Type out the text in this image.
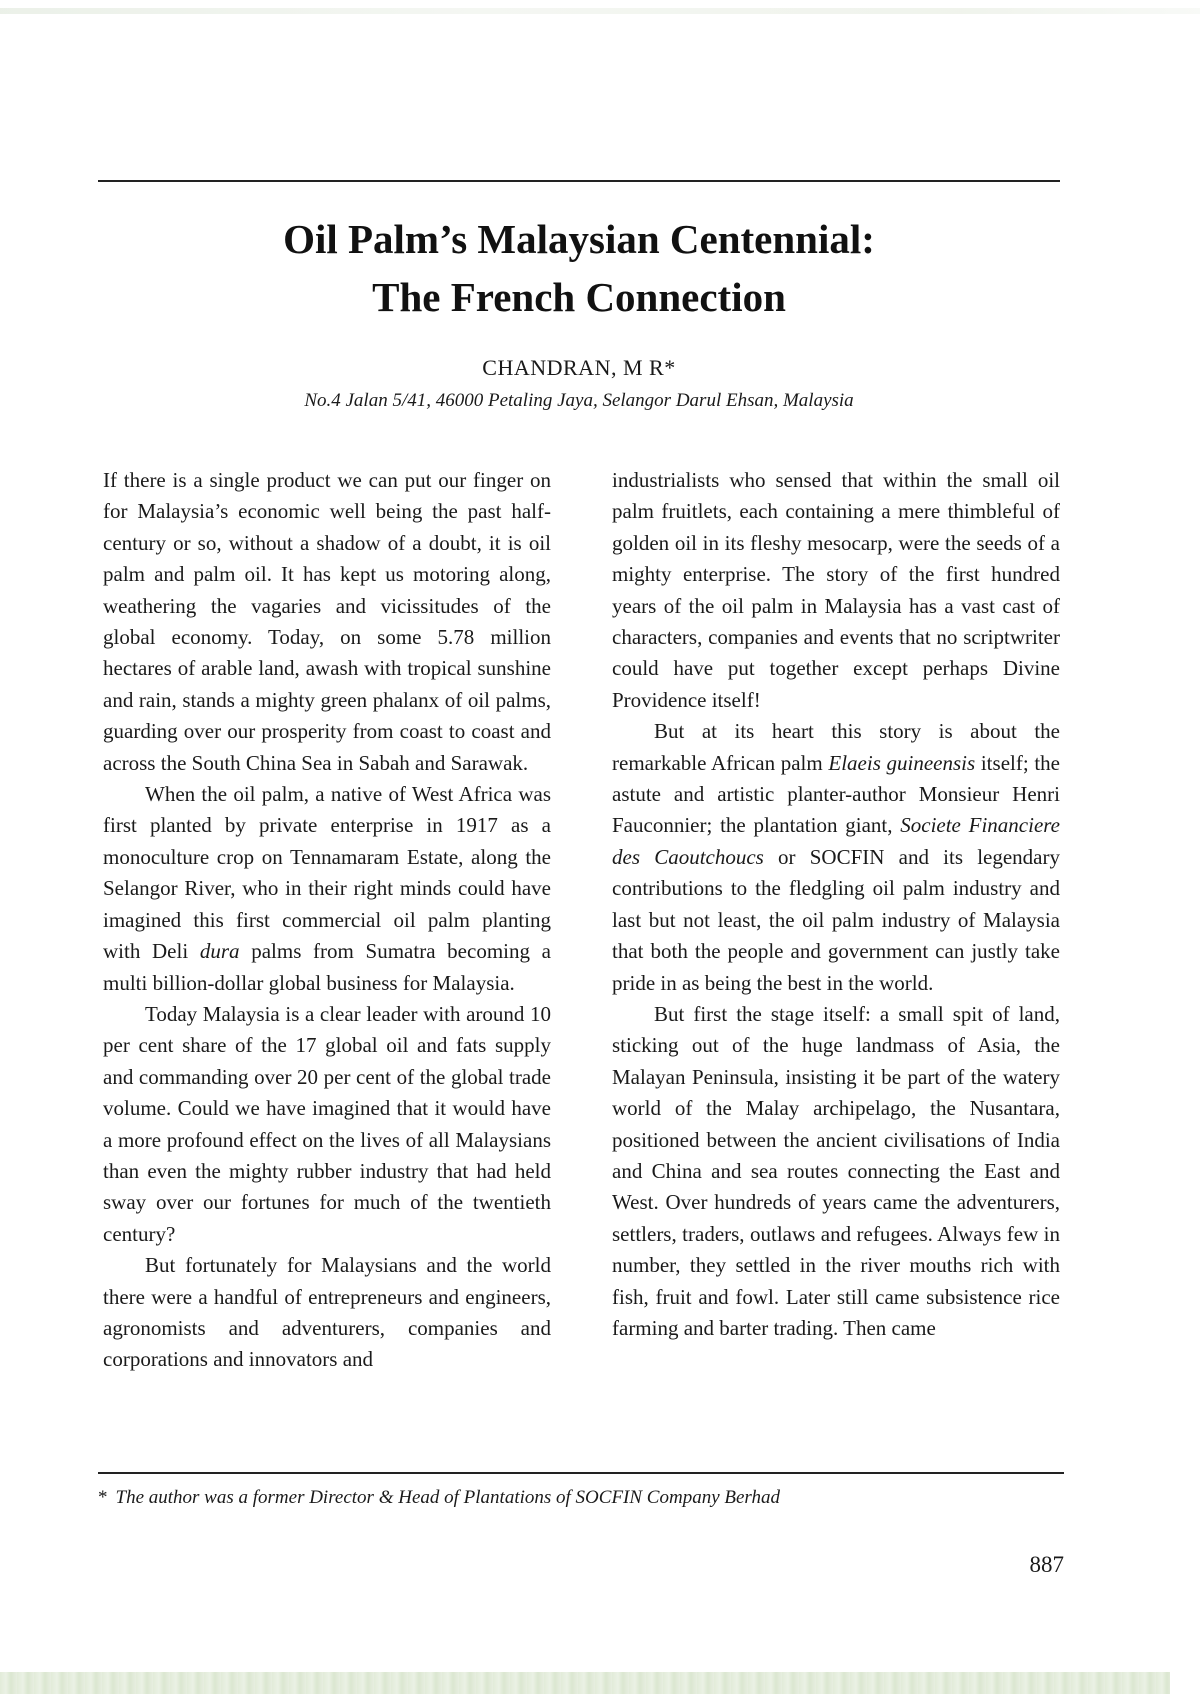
Oil Palm’s Malaysian Centennial:
The French Connection

CHANDRAN, M R*

No.4 Jalan 5/41, 46000 Petaling Jaya, Selangor Darul Ehsan, Malaysia

If there is a single product we can put our finger on for Malaysia’s economic well being the past half-century or so, without a shadow of a doubt, it is oil palm and palm oil. It has kept us motoring along, weathering the vagaries and vicissitudes of the global economy. Today, on some 5.78 million hectares of arable land, awash with tropical sunshine and rain, stands a mighty green phalanx of oil palms, guarding over our prosperity from coast to coast and across the South China Sea in Sabah and Sarawak.

When the oil palm, a native of West Africa was first planted by private enterprise in 1917 as a monoculture crop on Tennamaram Estate, along the Selangor River, who in their right minds could have imagined this first commercial oil palm planting with Deli dura palms from Sumatra becoming a multi billion-dollar global business for Malaysia.

Today Malaysia is a clear leader with around 10 per cent share of the 17 global oil and fats supply and commanding over 20 per cent of the global trade volume. Could we have imagined that it would have a more profound effect on the lives of all Malaysians than even the mighty rubber industry that had held sway over our fortunes for much of the twentieth century?

But fortunately for Malaysians and the world there were a handful of entrepreneurs and engineers, agronomists and adventurers, companies and corporations and innovators and

industrialists who sensed that within the small oil palm fruitlets, each containing a mere thimbleful of golden oil in its fleshy mesocarp, were the seeds of a mighty enterprise. The story of the first hundred years of the oil palm in Malaysia has a vast cast of characters, companies and events that no scriptwriter could have put together except perhaps Divine Providence itself!

But at its heart this story is about the remarkable African palm Elaeis guineensis itself; the astute and artistic planter-author Monsieur Henri Fauconnier; the plantation giant, Societe Financiere des Caoutchoucs or SOCFIN and its legendary contributions to the fledgling oil palm industry and last but not least, the oil palm industry of Malaysia that both the people and government can justly take pride in as being the best in the world.

But first the stage itself: a small spit of land, sticking out of the huge landmass of Asia, the Malayan Peninsula, insisting it be part of the watery world of the Malay archipelago, the Nusantara, positioned between the ancient civilisations of India and China and sea routes connecting the East and West. Over hundreds of years came the adventurers, settlers, traders, outlaws and refugees. Always few in number, they settled in the river mouths rich with fish, fruit and fowl. Later still came subsistence rice farming and barter trading. Then came

* The author was a former Director & Head of Plantations of SOCFIN Company Berhad

887
